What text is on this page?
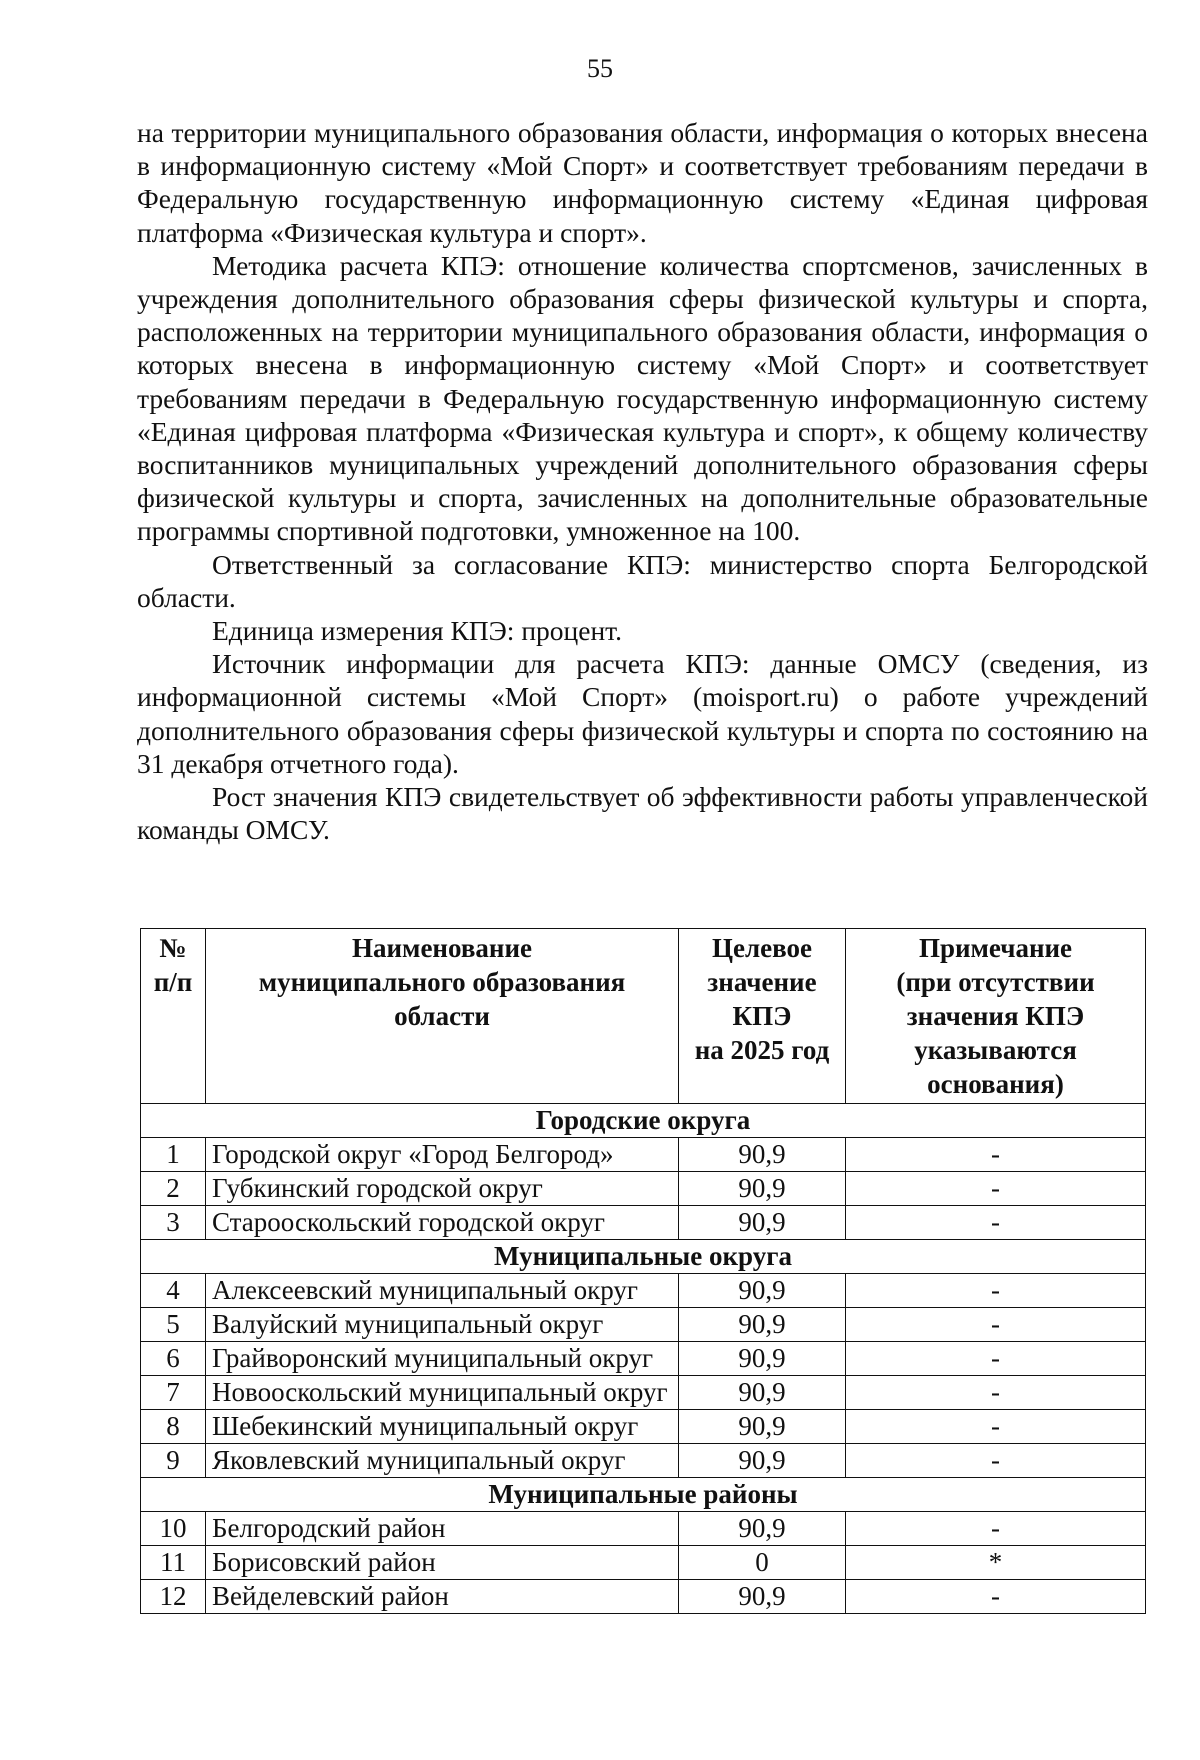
55

на территории муниципального образования области, информация о которых внесена в информационную систему «Мой Спорт» и соответствует требованиям передачи в Федеральную государственную информационную систему «Единая цифровая платформа «Физическая культура и спорт».

Методика расчета КПЭ: отношение количества спортсменов, зачисленных в учреждения дополнительного образования сферы физической культуры и спорта, расположенных на территории муниципального образования области, информация о которых внесена в информационную систему «Мой Спорт» и соответствует требованиям передачи в Федеральную государственную информационную систему «Единая цифровая платформа «Физическая культура и спорт», к общему количеству воспитанников муниципальных учреждений дополнительного образования сферы физической культуры и спорта, зачисленных на дополнительные образовательные программы спортивной подготовки, умноженное на 100.

Ответственный за согласование КПЭ: министерство спорта Белгородской области.

Единица измерения КПЭ: процент.

Источник информации для расчета КПЭ: данные ОМСУ (сведения, из информационной системы «Мой Спорт» (moisport.ru) о работе учреждений дополнительного образования сферы физической культуры и спорта по состоянию на 31 декабря отчетного года).

Рост значения КПЭ свидетельствует об эффективности работы управленческой команды ОМСУ.

№
п/п	Наименование
муниципального образования
области	Целевое
значение
КПЭ
на 2025 год	Примечание
(при отсутствии
значения КПЭ
указываются
основания)

Городские округа			
1	Городской округ «Город Белгород»	90,9	-
2	Губкинский городской округ	90,9	-
3	Старооскольский городской округ	90,9	-
Муниципальные округа			
4	Алексеевский муниципальный округ	90,9	-
5	Валуйский муниципальный округ	90,9	-
6	Грайворонский муниципальный округ	90,9	-
7	Новооскольский муниципальный округ	90,9	-
8	Шебекинский муниципальный округ	90,9	-
9	Яковлевский муниципальный округ	90,9	-
Муниципальные районы			
10	Белгородский район	90,9	-
11	Борисовский район	0	*
12	Вейделевский район	90,9	-
